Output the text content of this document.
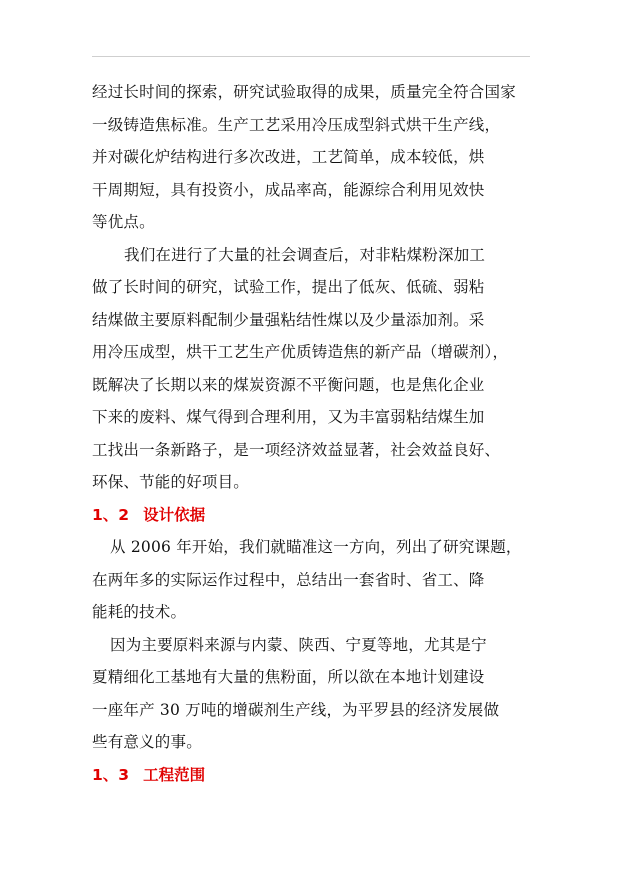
经过长时间的探索，研究试验取得的成果，质量完全符合国家
一级铸造焦标准。生产工艺采用冷压成型斜式烘干生产线，
并对碳化炉结构进行多次改进，工艺简单，成本较低，烘
干周期短，具有投资小，成品率高，能源综合利用见效快
等优点。
我们在进行了大量的社会调查后，对非粘煤粉深加工
做了长时间的研究，试验工作，提出了低灰、低硫、弱粘
结煤做主要原料配制少量强粘结性煤以及少量添加剂。采
用冷压成型，烘干工艺生产优质铸造焦的新产品（增碳剂），
既解决了长期以来的煤炭资源不平衡问题，也是焦化企业
下来的废料、煤气得到合理利用，又为丰富弱粘结煤生加
工找出一条新路子，是一项经济效益显著，社会效益良好、
环保、节能的好项目。
1、2 设计依据
从 2006 年开始，我们就瞄准这一方向，列出了研究课题，
在两年多的实际运作过程中，总结出一套省时、省工、降
能耗的技术。
因为主要原料来源与内蒙、陕西、宁夏等地，尤其是宁
夏精细化工基地有大量的焦粉面，所以欲在本地计划建设
一座年产 30 万吨的增碳剂生产线，为平罗县的经济发展做
些有意义的事。
1、3 工程范围
